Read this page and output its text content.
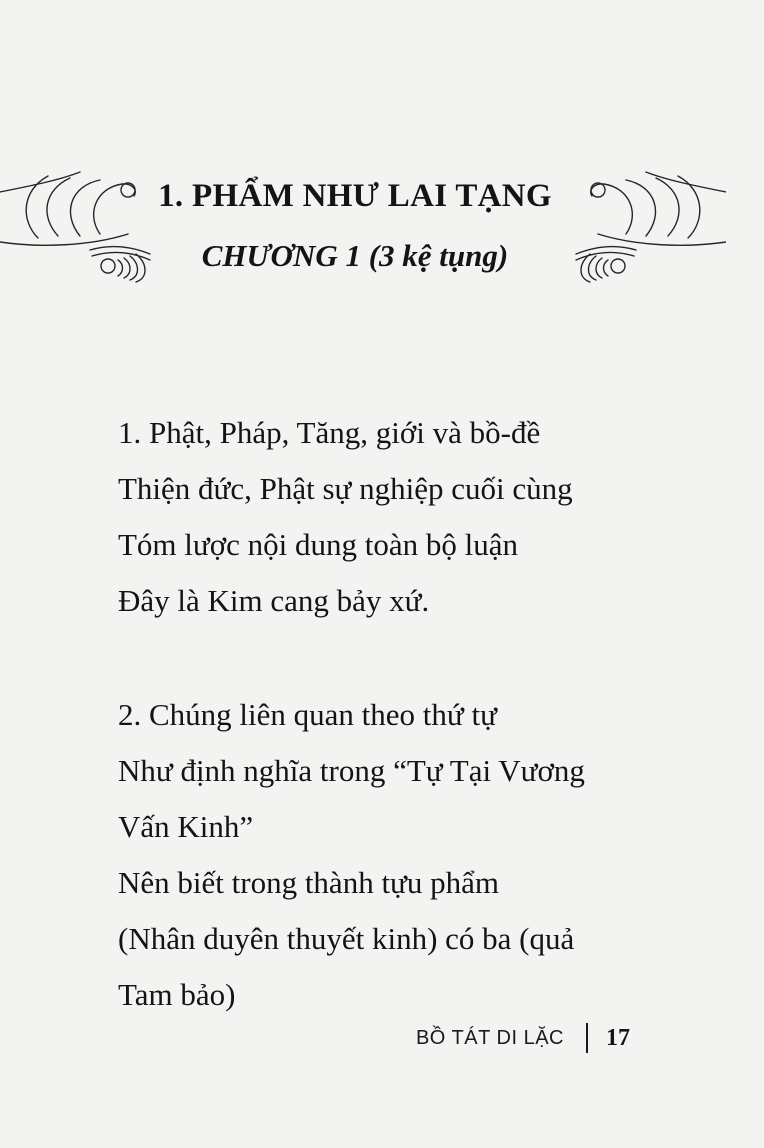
1. PHẨM NHƯ LAI TẠNG
CHƯƠNG 1 (3 kệ tụng)
1. Phật, Pháp, Tăng, giới và bồ-đề
Thiện đức, Phật sự nghiệp cuối cùng
Tóm lược nội dung toàn bộ luận
Đây là Kim cang bảy xứ.
2. Chúng liên quan theo thứ tự
Như định nghĩa trong “Tự Tại Vương
Vấn Kinh”
Nên biết trong thành tựu phẩm
(Nhân duyên thuyết kinh) có ba (quả
Tam bảo)
BỒ TÁT DI LẶC 17
